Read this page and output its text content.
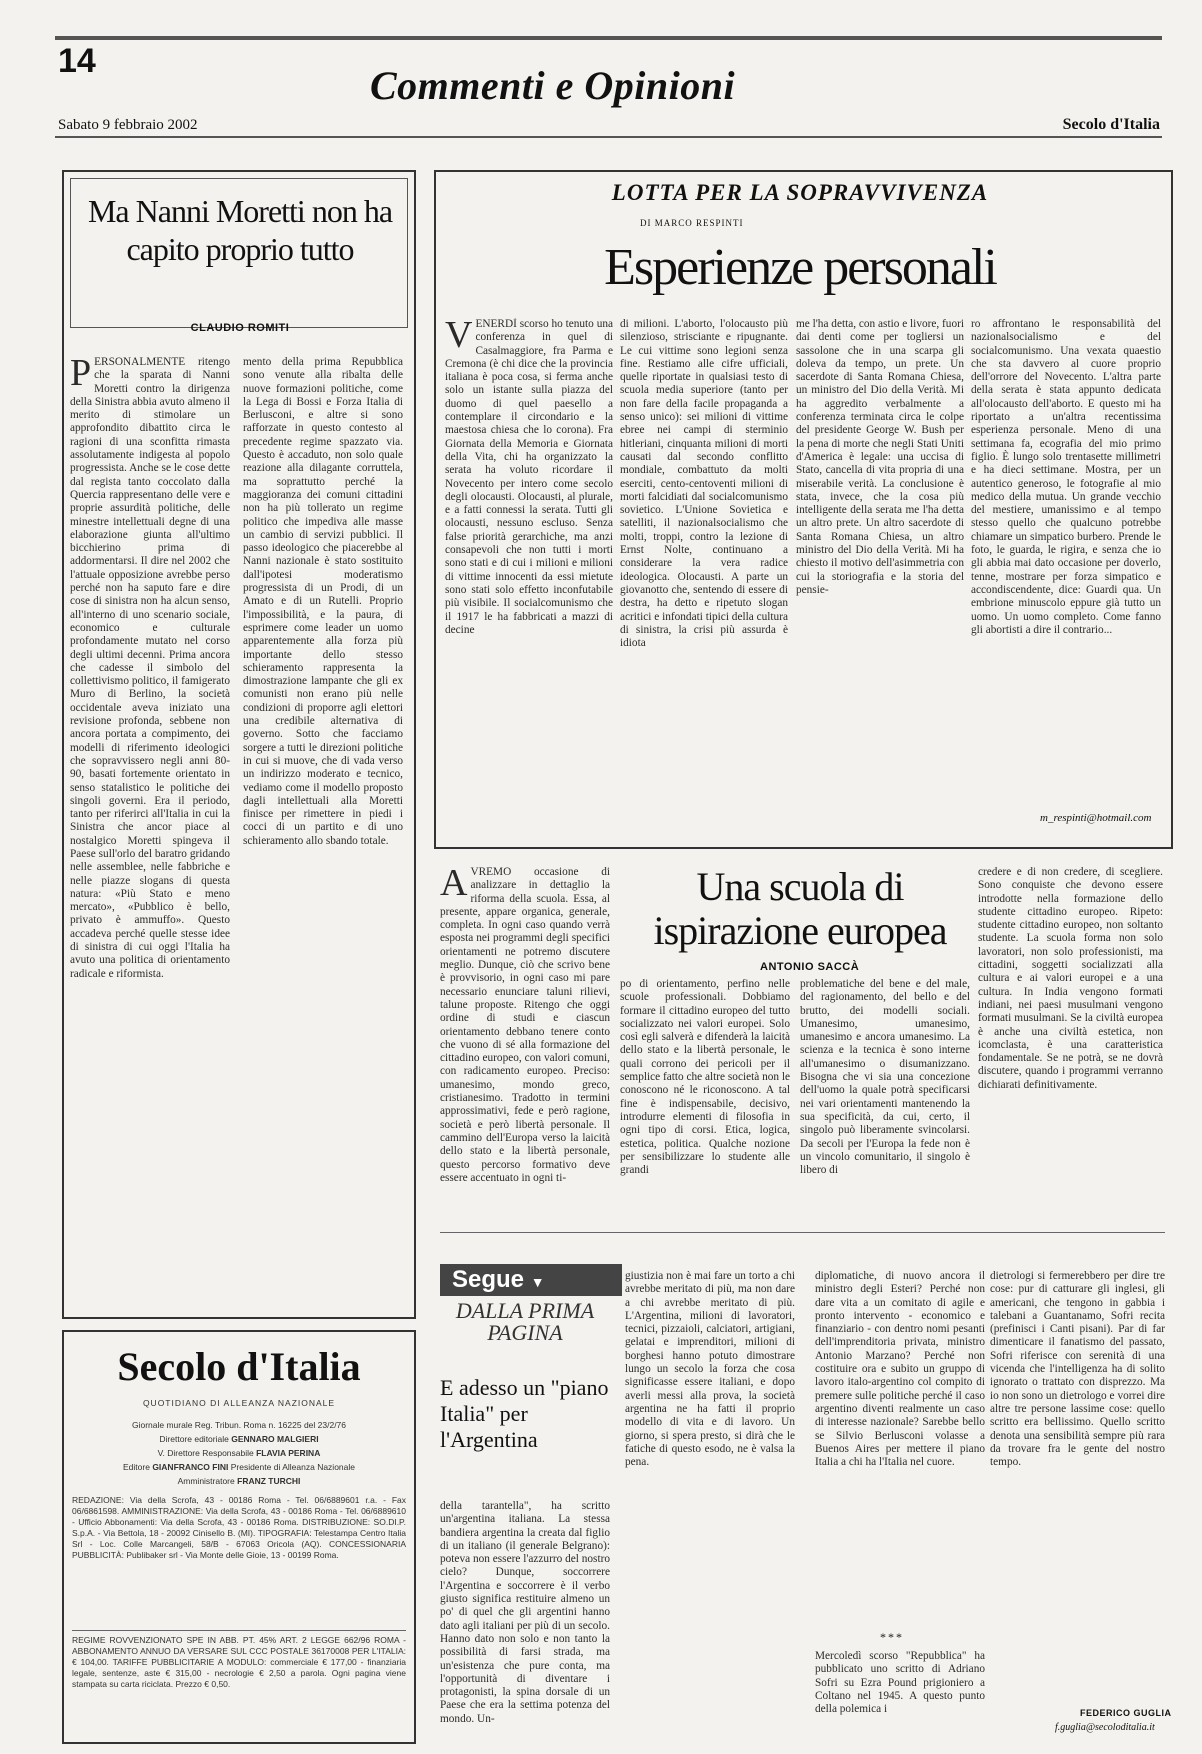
14
Commenti e Opinioni
Sabato 9 febbraio 2002	Secolo d'Italia
Ma Nanni Moretti non ha capito proprio tutto
CLAUDIO ROMITI
PERSONALMENTE ritengo che la sparata di Nanni Moretti contro la dirigenza della Sinistra abbia avuto almeno il merito di stimolare un approfondito dibattito circa le ragioni di una sconfitta rimasta assolutamente indigesta al popolo progressista. Anche se le cose dette dal regista tanto coccolato dalla Quercia rappresentano delle vere e proprie assurdità politiche, delle minestre intellettuali degne di una elaborazione giunta all'ultimo bicchierino prima di addormentarsi. Il dire nel 2002 che l'attuale opposizione avrebbe perso perché non ha saputo fare e dire cose di sinistra non ha alcun senso, all'interno di uno scenario sociale, economico e culturale profondamente mutato nel corso degli ultimi decenni. Prima ancora che cadesse il simbolo del collettivismo politico, il famigerato Muro di Berlino, la società occidentale aveva iniziato una revisione profonda, sebbene non ancora portata a compimento, dei modelli di riferimento ideologici che sopravvissero negli anni 80-90, basati fortemente orientato in senso statalistico le politiche dei singoli governi. Era il periodo, tanto per riferirci all'Italia in cui la Sinistra che ancor piace al nostalgico Moretti spingeva il Paese sull'orlo del baratro gridando nelle assemblee, nelle fabbriche e nelle piazze slogans di questa natura: «Più Stato e meno mercato», «Pubblico è bello, privato è ammuffo». Questo accadeva perché quelle stesse idee di sinistra di cui oggi l'Italia ha avuto una politica di orientamento radicale e riformista.
mento della prima Repubblica sono venute alla ribalta delle nuove formazioni politiche, come la Lega di Bossi e Forza Italia di Berlusconi, e altre si sono rafforzate in questo contesto al precedente regime spazzato via. Questo è accaduto, non solo quale reazione alla dilagante corruttela, ma soprattutto perché la maggioranza dei comuni cittadini non ha più tollerato un regime politico che impediva alle masse un cambio di servizi pubblici. Il passo ideologico che piacerebbe al Nanni nazionale è stato sostituito dall'ipotesi moderatismo progressista di un Prodi, di un Amato e di un Rutelli. Proprio l'impossibilità, e la paura, di esprimere come leader un uomo apparentemente alla forza più importante dello stesso schieramento rappresenta la dimostrazione lampante che gli ex comunisti non erano più nelle condizioni di proporre agli elettori una credibile alternativa di governo. Sotto che facciamo sorgere a tutti le direzioni politiche in cui si muove, che di vada verso un indirizzo moderato e tecnico, vediamo come il modello proposto dagli intellettuali alla Moretti finisce per rimettere in piedi i cocci di un partito e di uno schieramento allo sbando totale.
LOTTA PER LA SOPRAVVIVENZA
DI MARCO RESPINTI
Esperienze personali
VENERDÌ scorso ho tenuto una conferenza in quel di Casalmaggiore, fra Parma e Cremona (è chi dice che la provincia italiana è poca cosa, si ferma anche solo un istante sulla piazza del duomo di quel paesello a contemplare il circondario e la maestosa chiesa che lo corona). Fra Giornata della Memoria e Giornata della Vita, chi ha organizzato la serata ha voluto ricordare il Novecento per intero come secolo degli olocausti. Olocausti, al plurale, e a fatti connessi la serata. Tutti gli olocausti, nessuno escluso. Senza false priorità gerarchiche, ma anzi consapevoli che non tutti i morti sono stati e di cui i milioni e milioni di vittime innocenti da essi mietute sono stati solo effetto inconfutabile più visibile. Il socialcomunismo che il 1917 le ha fabbricati a mazzi di decine
di milioni. L'aborto, l'olocausto più silenzioso, strisciante e ripugnante. Le cui vittime sono legioni senza fine. Restiamo alle cifre ufficiali, quelle riportate in qualsiasi testo di scuola media superiore (tanto per non fare della facile propaganda a senso unico): sei milioni di vittime ebree nei campi di sterminio hitleriani, cinquanta milioni di morti causati dal secondo conflitto mondiale, combattuto da molti eserciti, cento-centoventi milioni di morti falcidiati dal socialcomunismo sovietico. L'Unione Sovietica e satelliti, il nazionalsocialismo che molti, troppi, contro la lezione di Ernst Nolte, continuano a considerare la vera radice ideologica. Olocausti. A parte un giovanotto che, sentendo di essere di destra, ha detto e ripetuto slogan acritici e infondati tipici della cultura di sinistra, la crisi più assurda è idiota
me l'ha detta, con astio e livore, fuori dai denti come per togliersi un sassolone che in una scarpa gli doleva da tempo, un prete. Un sacerdote di Santa Romana Chiesa, un ministro del Dio della Verità. Mi ha aggredito verbalmente a conferenza terminata circa le colpe del presidente George W. Bush per la pena di morte che negli Stati Uniti d'America è legale: una uccisa di Stato, cancella di vita propria di una miserabile verità. La conclusione è stata, invece, che la cosa più intelligente della serata me l'ha detta un altro prete. Un altro sacerdote di Santa Romana Chiesa, un altro ministro del Dio della Verità. Mi ha chiesto il motivo dell'asimmetria con cui la storiografia e la storia del pensie-
ro affrontano le responsabilità del nazionalsocialismo e del socialcomunismo. Una vexata quaestio che sta davvero al cuore proprio dell'orrore del Novecento. L'altra parte della serata è stata appunto dedicata all'olocausto dell'aborto. E questo mi ha riportato a un'altra recentissima esperienza personale. Meno di una settimana fa, ecografia del mio primo figlio. È lungo solo trentasette millimetri e ha dieci settimane. Mostra, per un autentico generoso, le fotografie al mio medico della mutua. Un grande vecchio del mestiere, umanissimo e al tempo stesso quello che qualcuno potrebbe chiamare un simpatico burbero. Prende le foto, le guarda, le rigira, e senza che io gli abbia mai dato occasione per doverlo, tenne, mostrare per forza simpatico e accondiscendente, dice: Guardi qua. Un embrione minuscolo eppure già tutto un uomo. Un uomo completo. Come fanno gli abortisti a dire il contrario...
m_respinti@hotmail.com
Una scuola di ispirazione europea
ANTONIO SACCÀ
AVREMO occasione di analizzare in dettaglio la riforma della scuola. Essa, al presente, appare organica, generale, completa. In ogni caso quando verrà esposta nei programmi degli specifici orientamenti ne potremo discutere meglio. Dunque, ciò che scrivo bene è provvisorio, in ogni caso mi pare necessario enunciare taluni rilievi, talune proposte. Ritengo che oggi ordine di studi e ciascun orientamento debbano tenere conto che vuono di sé alla formazione del cittadino europeo, con valori comuni, con radicamento europeo. Preciso: umanesimo, mondo greco, cristianesimo. Tradotto in termini approssimativi, fede e però ragione, società e però libertà personale. Il cammino dell'Europa verso la laicità dello stato e la libertà personale, questo percorso formativo deve essere accentuato in ogni ti-
po di orientamento, perfino nelle scuole professionali. Dobbiamo formare il cittadino europeo del tutto socializzato nei valori europei. Solo così egli salverà e difenderà la laicità dello stato e la libertà personale, le quali corrono dei pericoli per il semplice fatto che altre società non le conoscono né le riconoscono. A tal fine è indispensabile, decisivo, introdurre elementi di filosofia in ogni tipo di corsi. Etica, logica, estetica, politica. Qualche nozione per sensibilizzare lo studente alle grandi
problematiche del bene e del male, del ragionamento, del bello e del brutto, dei modelli sociali. Umanesimo, umanesimo, umanesimo e ancora umanesimo. La scienza e la tecnica è sono interne all'umanesimo o disumanizzano. Bisogna che vi sia una concezione dell'uomo la quale potrà specificarsi nei vari orientamenti mantenendo la sua specificità, da cui, certo, il singolo può liberamente svincolarsi. Da secoli per l'Europa la fede non è un vincolo comunitario, il singolo è libero di
credere e di non credere, di scegliere. Sono conquiste che devono essere introdotte nella formazione dello studente cittadino europeo. Ripeto: studente cittadino europeo, non soltanto studente. La scuola forma non solo lavoratori, non solo professionisti, ma cittadini, soggetti socializzati alla cultura e ai valori europei e a una cultura. In India vengono formati indiani, nei paesi musulmani vengono formati musulmani. Se la civiltà europea è anche una civiltà estetica, non icomclasta, è una caratteristica fondamentale. Se ne potrà, se ne dovrà discutere, quando i programmi verranno dichiarati definitivamente.
Secolo d'Italia
QUOTIDIANO DI ALLEANZA NAZIONALE
Giornale murale Reg. Tribun. Roma n. 16225 del 23/2/76
Direttore editoriale GENNARO MALGIERI
V. Direttore Responsabile FLAVIA PERINA
Editore GIANFRANCO FINI Presidente di Alleanza Nazionale
Amministratore FRANZ TURCHI
REDAZIONE: Via della Scrofa, 43 - 00186 Roma - Tel. 06/6889601 r.a. - Fax 06/6861598. AMMINISTRAZIONE: Via della Scrofa, 43 - 00186 Roma - Tel. 06/6889610 - Ufficio Abbonamenti: Via della Scrofa, 43 - 00186 Roma. DISTRIBUZIONE: SO.DI.P. S.p.A. - Via Bettola, 18 - 20092 Cinisello B. (MI). TIPOGRAFIA: Telestampa Centro Italia Srl - Loc. Colle Marcangeli, 58/B - 67063 Oricola (AQ). CONCESSIONARIA PUBBLICITÀ: Publibaker srl - Via Monte delle Gioie, 13 - 00199 Roma.
REGIME ROVVENZIONATO SPE IN ABB. PT. 45% ART. 2 LEGGE 662/96 ROMA - ABBONAMENTO ANNUO DA VERSARE SUL CCC POSTALE 36170008 PER L'ITALIA: € 104,00. TARIFFE PUBBLICITARIE A MODULO: commerciale € 177,00 - finanziaria legale, sentenze, aste € 315,00 - necrologie € 2,50 a parola. Ogni pagina viene stampata su carta riciclata. Prezzo € 0,50.
Segue ▼
DALLA PRIMA PAGINA
E adesso un "piano Italia" per l'Argentina
della tarantella", ha scritto un'argentina italiana. La stessa bandiera argentina la creata dal figlio di un italiano (il generale Belgrano): poteva non essere l'azzurro del nostro cielo? Dunque, soccorrere l'Argentina e soccorrere è il verbo giusto significa restituire almeno un po' di quel che gli argentini hanno dato agli italiani per più di un secolo. Hanno dato non solo e non tanto la possibilità di farsi strada, ma un'esistenza che pure conta, ma l'opportunità di diventare i protagonisti, la spina dorsale di un Paese che era la settima potenza del mondo. Un-
giustizia non è mai fare un torto a chi avrebbe meritato di più, ma non dare a chi avrebbe meritato di più. L'Argentina, milioni di lavoratori, tecnici, pizzaioli, calciatori, artigiani, gelatai e imprenditori, milioni di borghesi hanno potuto dimostrare lungo un secolo la forza che cosa significasse essere italiani, e dopo averli messi alla prova, la società argentina ne ha fatti il proprio modello di vita e di lavoro. Un giorno, si spera presto, si dirà che le fatiche di questo esodo, ne è valsa la pena.
diplomatiche, di nuovo ancora il ministro degli Esteri? Perché non dare vita a un comitato di agile e pronto intervento - economico e finanziario - con dentro nomi pesanti dell'imprenditoria privata, ministro Antonio Marzano? Perché non costituire ora e subito un gruppo di lavoro italo-argentino col compito di premere sulle politiche perché il caso argentino diventi realmente un caso di interesse nazionale? Sarebbe bello se Silvio Berlusconi volasse a Buenos Aires per mettere il piano Italia a chi ha l'Italia nel cuore.
***
Mercoledì scorso "Repubblica" ha pubblicato uno scritto di Adriano Sofri su Ezra Pound prigioniero a Coltano nel 1945. A questo punto della polemica i
dietrologi si fermerebbero per dire tre cose: pur di catturare gli inglesi, gli americani, che tengono in gabbia i talebani a Guantanamo, Sofri recita (prefinisci i Canti pisani). Par di far dimenticare il fanatismo del passato, Sofri riferisce con serenità di una vicenda che l'intelligenza ha di solito ignorato o trattato con disprezzo. Ma io non sono un dietrologo e vorrei dire altre tre persone lassime cose: quello scritto era bellissimo. Quello scritto denota una sensibilità sempre più rara da trovare fra le gente del nostro tempo.
FEDERICO GUGLIA
f.guglia@secoloditalia.it
